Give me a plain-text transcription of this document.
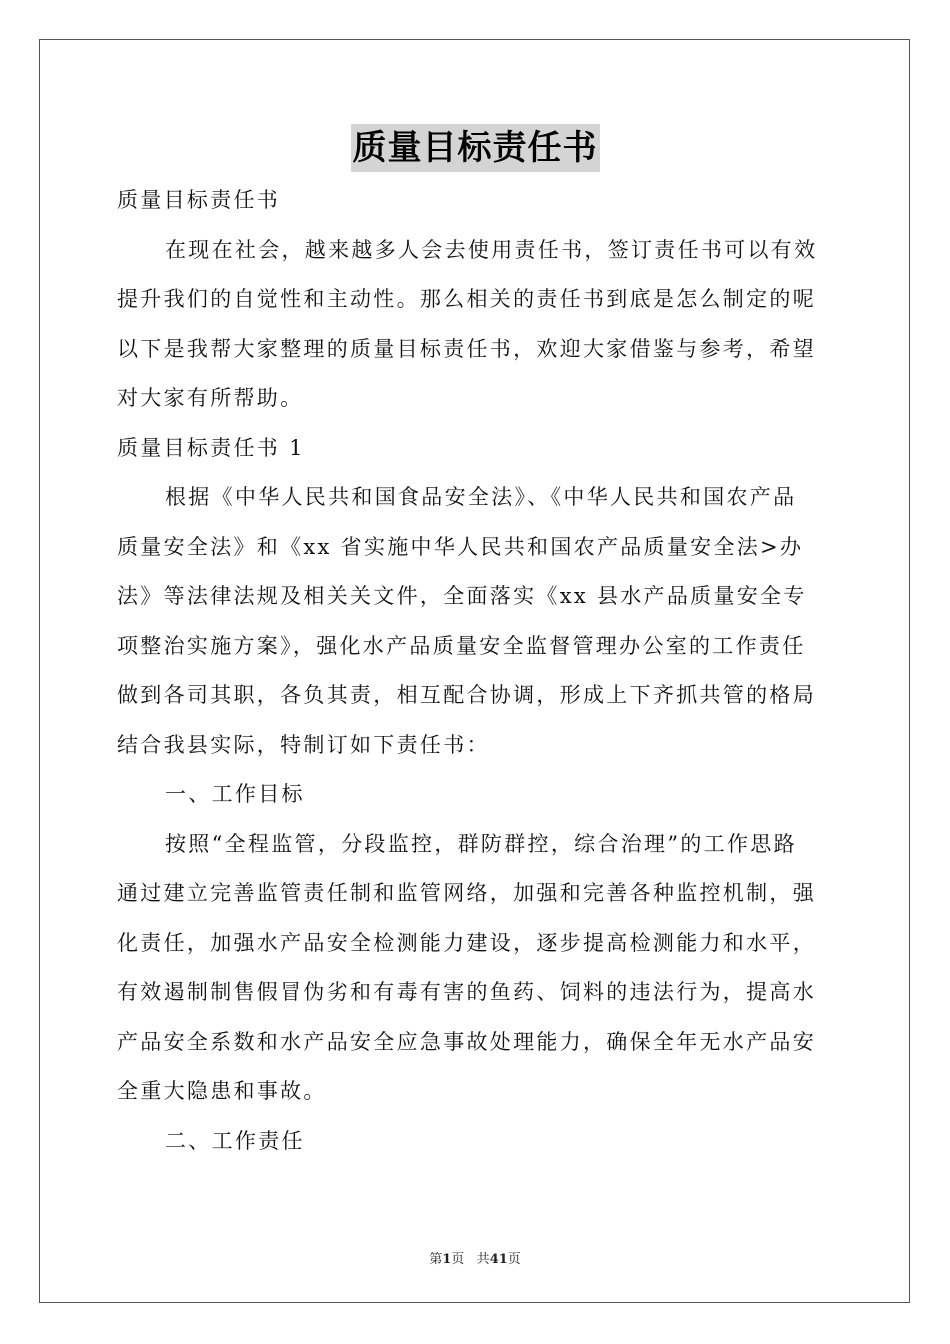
质量目标责任书
质量目标责任书
在现在社会，越来越多人会去使用责任书，签订责任书可以有效
提升我们的自觉性和主动性。那么相关的责任书到底是怎么制定的呢
以下是我帮大家整理的质量目标责任书，欢迎大家借鉴与参考，希望
对大家有所帮助。
质量目标责任书 1
根据《中华人民共和国食品安全法》、《中华人民共和国农产品
质量安全法》和《xx 省实施中华人民共和国农产品质量安全法>办
法》等法律法规及相关关文件，全面落实《xx 县水产品质量安全专
项整治实施方案》，强化水产品质量安全监督管理办公室的工作责任
做到各司其职，各负其责，相互配合协调，形成上下齐抓共管的格局
结合我县实际，特制订如下责任书：
一、工作目标
按照“全程监管，分段监控，群防群控，综合治理”的工作思路
通过建立完善监管责任制和监管网络，加强和完善各种监控机制，强
化责任，加强水产品安全检测能力建设，逐步提高检测能力和水平，
有效遏制制售假冒伪劣和有毒有害的鱼药、饲料的违法行为，提高水
产品安全系数和水产品安全应急事故处理能力，确保全年无水产品安
全重大隐患和事故。
二、工作责任
第1页 共41页
